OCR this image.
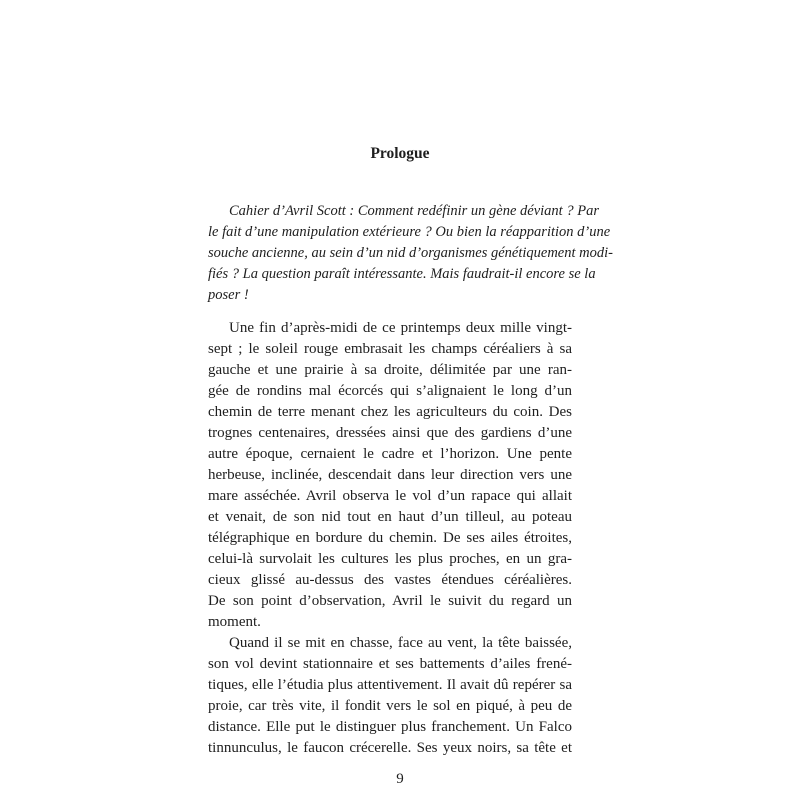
Prologue
Cahier d’Avril Scott : Comment redéfinir un gène déviant ? Par
le fait d’une manipulation extérieure ? Ou bien la réapparition d’une
souche ancienne, au sein d’un nid d’organismes génétiquement modi-
fiés ? La question paraît intéressante. Mais faudrait-il encore se la
poser !
Une fin d’après-midi de ce printemps deux mille vingt-
sept ; le soleil rouge embrasait les champs céréaliers à sa
gauche et une prairie à sa droite, délimitée par une ran-
gée de rondins mal écorcés qui s’alignaient le long d’un
chemin de terre menant chez les agriculteurs du coin. Des
trognes centenaires, dressées ainsi que des gardiens d’une
autre époque, cernaient le cadre et l’horizon. Une pente
herbeuse, inclinée, descendait dans leur direction vers une
mare asséchée. Avril observa le vol d’un rapace qui allait
et venait, de son nid tout en haut d’un tilleul, au poteau
télégraphique en bordure du chemin. De ses ailes étroites,
celui-là survolait les cultures les plus proches, en un gra-
cieux glissé au-dessus des vastes étendues céréalières.
De son point d’observation, Avril le suivit du regard un
moment.
Quand il se mit en chasse, face au vent, la tête baissée,
son vol devint stationnaire et ses battements d’ailes frené-
tiques, elle l’étudia plus attentivement. Il avait dû repérer sa
proie, car très vite, il fondit vers le sol en piqué, à peu de
distance. Elle put le distinguer plus franchement. Un Falco
tinnunculus, le faucon crécerelle. Ses yeux noirs, sa tête et
9
